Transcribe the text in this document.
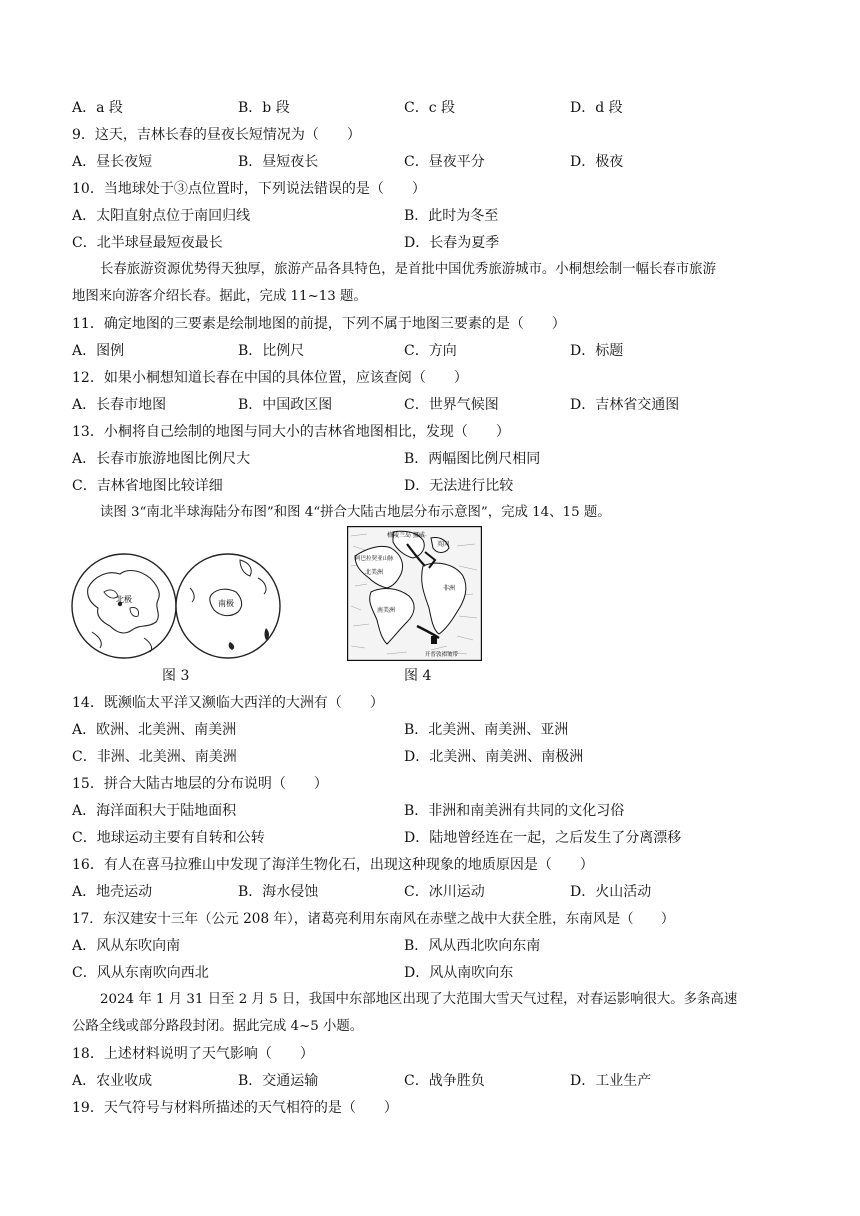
A．a 段	B．b 段	C．c 段	D．d 段
9．这天，吉林长春的昼夜长短情况为（　　）
A．昼长夜短	B．昼短夜长	C．昼夜平分	D．极夜
10．当地球处于③点位置时，下列说法错误的是（　　）
A．太阳直射点位于南回归线	B．此时为冬至
C．北半球昼最短夜最长	D．长春为夏季
长春旅游资源优势得天独厚，旅游产品各具特色，是首批中国优秀旅游城市。小桐想绘制一幅长春市旅游
地图来向游客介绍长春。据此，完成 11~13 题。
11．确定地图的三要素是绘制地图的前提，下列不属于地图三要素的是（　　）
A．图例	B．比例尺	C．方向	D．标题
12．如果小桐想知道长春在中国的具体位置，应该查阅（　　）
A．长春市地图	B．中国政区图	C．世界气候图	D．吉林省交通图
13．小桐将自己绘制的地图与同大小的吉林省地图相比，发现（　　）
A．长春市旅游地图比例尺大	B．两幅图比例尺相同
C．吉林省地图比较详细	D．无法进行比较
读图 3“南北半球海陆分布图”和图 4“拼合大陆古地层分布示意图”，完成 14、15 题。
北极	南极
图 3
格陵兰岛 挪威
英国
阿巴拉契亚山脉
北美洲
非洲
南美洲
开普敦褶皱带
图 4
14．既濒临太平洋又濒临大西洋的大洲有（　　）
A．欧洲、北美洲、南美洲	B．北美洲、南美洲、亚洲
C．非洲、北美洲、南美洲	D．北美洲、南美洲、南极洲
15．拼合大陆古地层的分布说明（　　）
A．海洋面积大于陆地面积	B．非洲和南美洲有共同的文化习俗
C．地球运动主要有自转和公转	D．陆地曾经连在一起，之后发生了分离漂移
16．有人在喜马拉雅山中发现了海洋生物化石，出现这种现象的地质原因是（　　）
A．地壳运动	B．海水侵蚀	C．冰川运动	D．火山活动
17．东汉建安十三年（公元 208 年），诸葛亮利用东南风在赤壁之战中大获全胜，东南风是（　　）
A．风从东吹向南	B．风从西北吹向东南
C．风从东南吹向西北	D．风从南吹向东
2024 年 1 月 31 日至 2 月 5 日，我国中东部地区出现了大范围大雪天气过程，对春运影响很大。多条高速
公路全线或部分路段封闭。据此完成 4~5 小题。
18．上述材料说明了天气影响（　　）
A．农业收成	B．交通运输	C．战争胜负	D．工业生产
19．天气符号与材料所描述的天气相符的是（　　）
